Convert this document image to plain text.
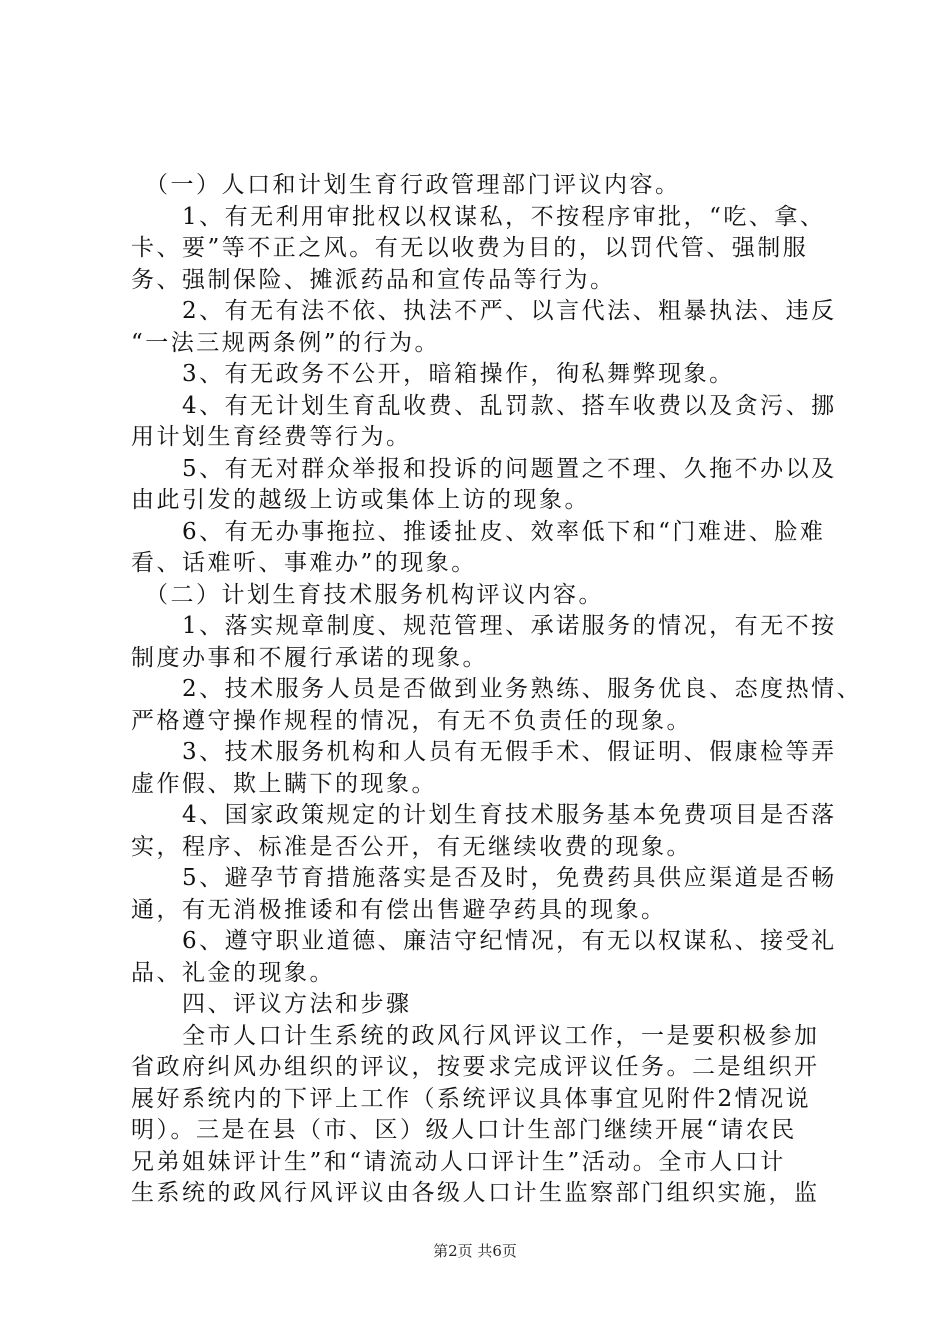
　（一）人口和计划生育行政管理部门评议内容。
　　1、有无利用审批权以权谋私，不按程序审批，“吃、拿、
卡、要”等不正之风。有无以收费为目的，以罚代管、强制服
务、强制保险、摊派药品和宣传品等行为。
　　2、有无有法不依、执法不严、以言代法、粗暴执法、违反
“一法三规两条例”的行为。
　　3、有无政务不公开，暗箱操作，徇私舞弊现象。
　　4、有无计划生育乱收费、乱罚款、搭车收费以及贪污、挪
用计划生育经费等行为。
　　5、有无对群众举报和投诉的问题置之不理、久拖不办以及
由此引发的越级上访或集体上访的现象。
　　6、有无办事拖拉、推诿扯皮、效率低下和“门难进、脸难
看、话难听、事难办”的现象。
　（二）计划生育技术服务机构评议内容。
　　1、落实规章制度、规范管理、承诺服务的情况，有无不按
制度办事和不履行承诺的现象。
　　2、技术服务人员是否做到业务熟练、服务优良、态度热情、
严格遵守操作规程的情况，有无不负责任的现象。
　　3、技术服务机构和人员有无假手术、假证明、假康检等弄
虚作假、欺上瞒下的现象。
　　4、国家政策规定的计划生育技术服务基本免费项目是否落
实，程序、标准是否公开，有无继续收费的现象。
　　5、避孕节育措施落实是否及时，免费药具供应渠道是否畅
通，有无消极推诿和有偿出售避孕药具的现象。
　　6、遵守职业道德、廉洁守纪情况，有无以权谋私、接受礼
品、礼金的现象。
　　四、评议方法和步骤
　　全市人口计生系统的政风行风评议工作，一是要积极参加
省政府纠风办组织的评议，按要求完成评议任务。二是组织开
展好系统内的下评上工作（系统评议具体事宜见附件2情况说
明）。三是在县（市、区）级人口计生部门继续开展“请农民
兄弟姐妹评计生”和“请流动人口评计生”活动。全市人口计
生系统的政风行风评议由各级人口计生监察部门组织实施，监
第2页 共6页
